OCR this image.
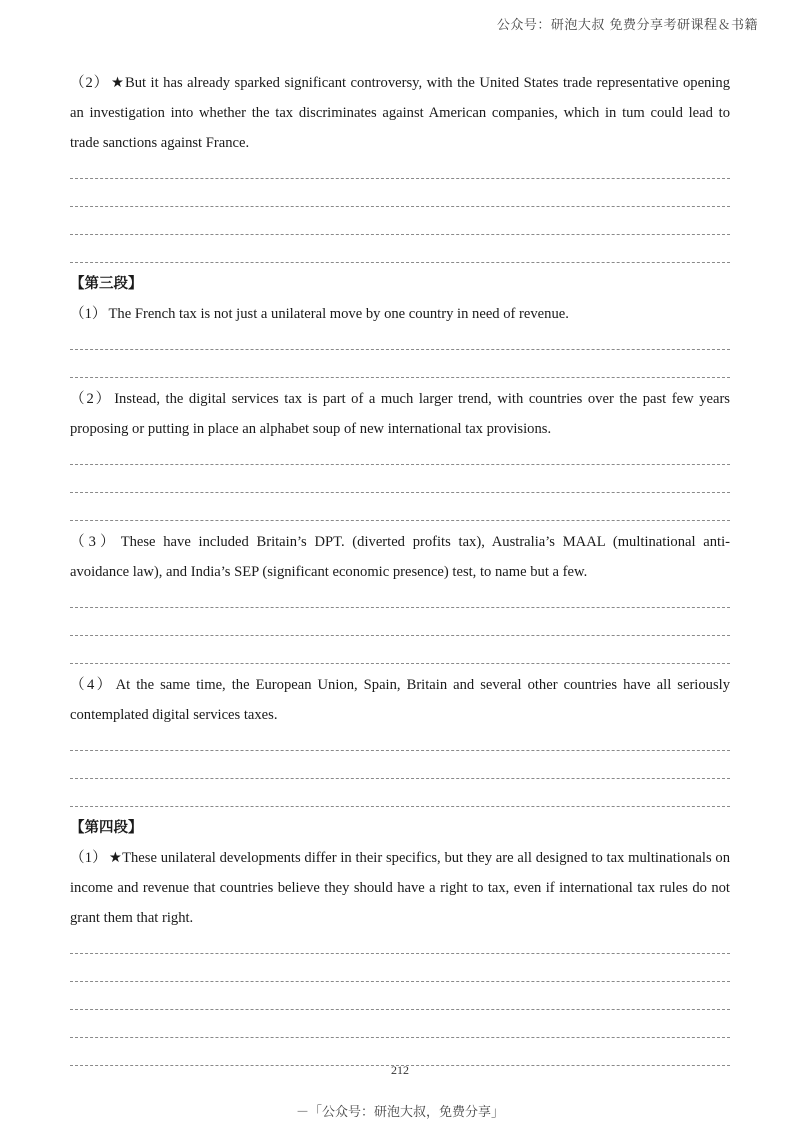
公众号：研泡大叔 免费分享考研课程＆书籍

（2） ★But it has already sparked significant controversy, with the United States trade representative opening an investigation into whether the tax discriminates against American companies, which in tum could lead to trade sanctions against France.

【第三段】

（1） The French tax is not just a unilateral move by one country in need of revenue.

（2） Instead, the digital services tax is part of a much larger trend, with countries over the past few years proposing or putting in place an alphabet soup of new international tax provisions.

（3） These have included Britain’s DPT. (diverted profits tax), Australia’s MAAL (multinational anti-avoidance law), and India’s SEP (significant economic presence) test, to name but a few.

（4） At the same time, the European Union, Spain, Britain and several other countries have all seriously contemplated digital services taxes.

【第四段】

（1） ★These unilateral developments differ in their specifics, but they are all designed to tax multinationals on income and revenue that countries believe they should have a right to tax, even if international tax rules do not grant them that right.

212
－「公众号：研泡大叔，免费分享」
